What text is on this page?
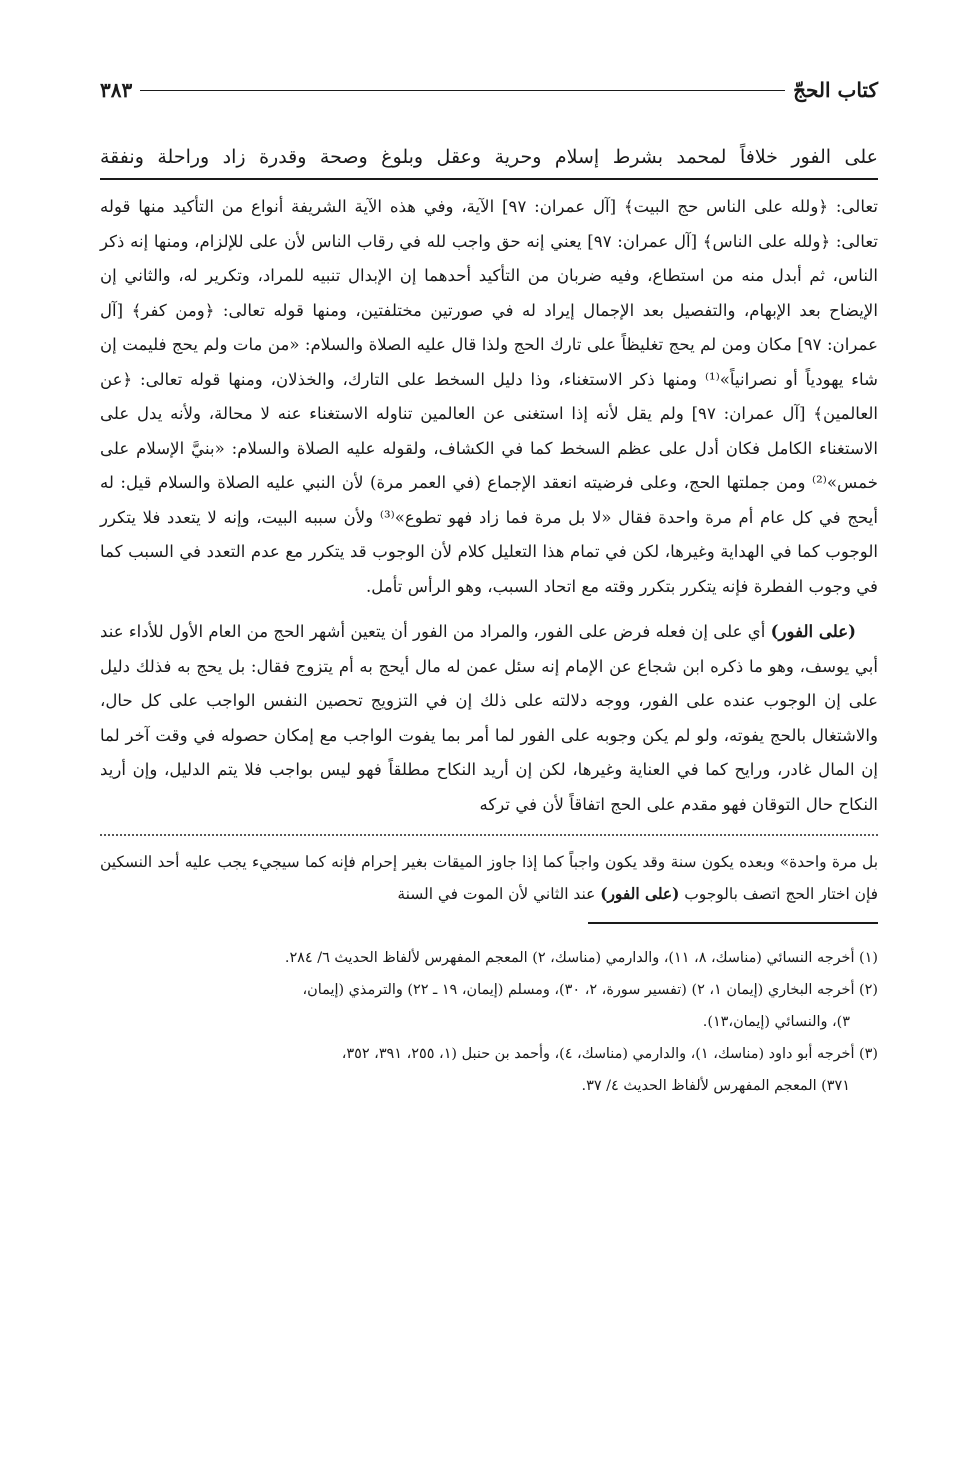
كتاب الحجّ
٣٨٣
على الفور خلافاً لمحمد بشرط إسلام وحرية وعقل وبلوغ وصحة وقدرة زاد وراحلة ونفقة

تعالى: ﴿ولله على الناس حج البيت﴾ [آل عمران: ٩٧] الآية، وفي هذه الآية الشريفة أنواع من التأكيد منها قوله تعالى: ﴿ولله على الناس﴾ [آل عمران: ٩٧] يعني إنه حق واجب لله في رقاب الناس لأن على للإلزام، ومنها إنه ذكر الناس، ثم أبدل منه من استطاع، وفيه ضربان من التأكيد أحدهما إن الإبدال تنبيه للمراد، وتكرير له، والثاني إن الإيضاح بعد الإبهام، والتفصيل بعد الإجمال إيراد له في صورتين مختلفتين، ومنها قوله تعالى: ﴿ومن كفر﴾ [آل عمران: ٩٧] مكان ومن لم يحج تغليظاً على تارك الحج ولذا قال عليه الصلاة والسلام: «من مات ولم يحج فليمت إن شاء يهودياً أو نصرانياً»⁽¹⁾ ومنها ذكر الاستغناء، وذا دليل السخط على التارك، والخذلان، ومنها قوله تعالى: ﴿عن العالمين﴾ [آل عمران: ٩٧] ولم يقل لأنه إذا استغنى عن العالمين تناوله الاستغناء عنه لا محالة، ولأنه يدل على الاستغناء الكامل فكان أدل على عظم السخط كما في الكشاف، ولقوله عليه الصلاة والسلام: «بنيَّ الإسلام على خمس»⁽²⁾ ومن جملتها الحج، وعلى فرضيته انعقد الإجماع (في العمر مرة) لأن النبي عليه الصلاة والسلام قيل: له أيحج في كل عام أم مرة واحدة فقال «لا بل مرة فما زاد فهو تطوع»⁽³⁾ ولأن سببه البيت، وإنه لا يتعدد فلا يتكرر الوجوب كما في الهداية وغيرها، لكن في تمام هذا التعليل كلام لأن الوجوب قد يتكرر مع عدم التعدد في السبب كما في وجوب الفطرة فإنه يتكرر بتكرر وقته مع اتحاد السبب، وهو الرأس تأمل.

(على الفور) أي على إن فعله فرض على الفور، والمراد من الفور أن يتعين أشهر الحج من العام الأول للأداء عند أبي يوسف، وهو ما ذكره ابن شجاع عن الإمام إنه سئل عمن له مال أيحج به أم يتزوج فقال: بل يحج به فذلك دليل على إن الوجوب عنده على الفور، ووجه دلالته على ذلك إن في التزويج تحصين النفس الواجب على كل حال، والاشتغال بالحج يفوته، ولو لم يكن وجوبه على الفور لما أمر بما يفوت الواجب مع إمكان حصوله في وقت آخر لما إن المال غادر، ورايح كما في العناية وغيرها، لكن إن أريد النكاح مطلقاً فهو ليس بواجب فلا يتم الدليل، وإن أريد النكاح حال التوقان فهو مقدم على الحج اتفاقاً لأن في تركه

بل مرة واحدة» وبعده يكون سنة وقد يكون واجباً كما إذا جاوز الميقات بغير إحرام فإنه كما سيجيء يجب عليه أحد النسكين فإن اختار الحج اتصف بالوجوب (على الفور) عند الثاني لأن الموت في السنة
(١) أخرجه النسائي (مناسك، ٨، ١١)، والدارمي (مناسك، ٢) المعجم المفهرس لألفاظ الحديث ٦/ ٢٨٤.
(٢) أخرجه البخاري (إيمان ١، ٢) (تفسير سورة، ٢، ٣٠)، ومسلم (إيمان، ١٩ ـ ٢٢) والترمذي (إيمان،
٣)، والنسائي (إيمان،١٣).
(٣) أخرجه أبو داود (مناسك، ١)، والدارمي (مناسك، ٤)، وأحمد بن حنبل (١، ٢٥٥، ٣٩١، ٣٥٢،
٣٧١) المعجم المفهرس لألفاظ الحديث ٤/ ٣٧.
